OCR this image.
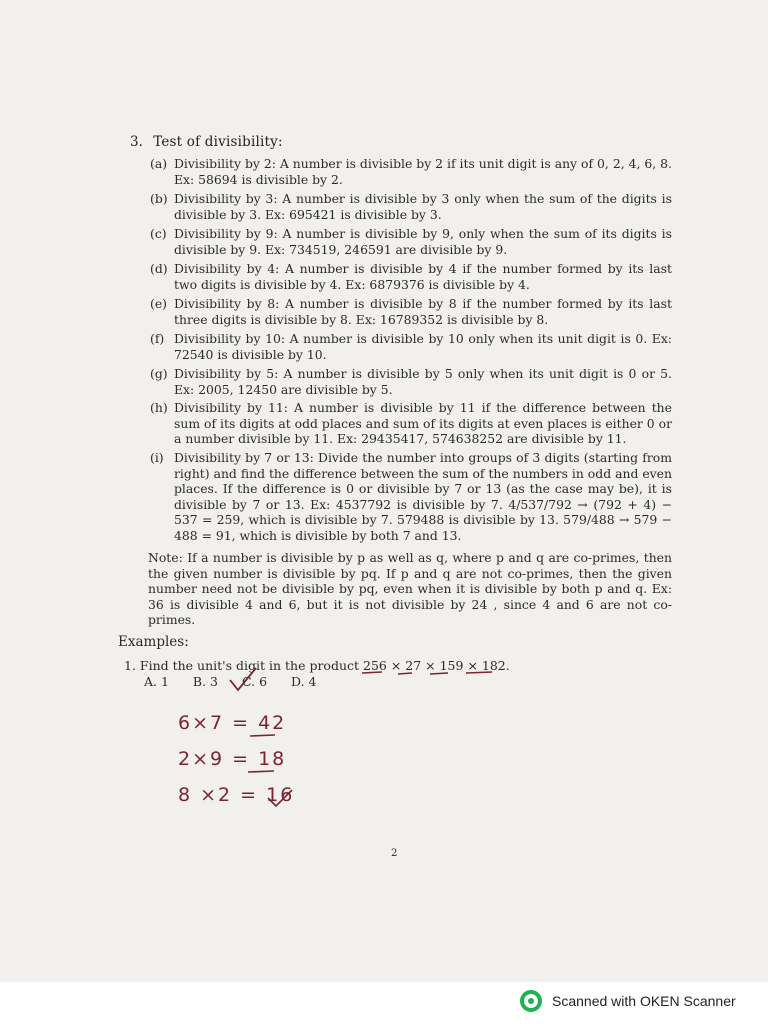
3. Test of divisibility:
(a) Divisibility by 2: A number is divisible by 2 if its unit digit is any of 0, 2, 4, 6, 8. Ex: 58694 is divisible by 2.
(b) Divisibility by 3: A number is divisible by 3 only when the sum of the digits is divisible by 3. Ex: 695421 is divisible by 3.
(c) Divisibility by 9: A number is divisible by 9, only when the sum of its digits is divisible by 9. Ex: 734519, 246591 are divisible by 9.
(d) Divisibility by 4: A number is divisible by 4 if the number formed by its last two digits is divisible by 4. Ex: 6879376 is divisible by 4.
(e) Divisibility by 8: A number is divisible by 8 if the number formed by its last three digits is divisible by 8. Ex: 16789352 is divisible by 8.
(f) Divisibility by 10: A number is divisible by 10 only when its unit digit is 0. Ex: 72540 is divisible by 10.
(g) Divisibility by 5: A number is divisible by 5 only when its unit digit is 0 or 5. Ex: 2005, 12450 are divisible by 5.
(h) Divisibility by 11: A number is divisible by 11 if the difference between the sum of its digits at odd places and sum of its digits at even places is either 0 or a number divisible by 11. Ex: 29435417, 574638252 are divisible by 11.
(i) Divisibility by 7 or 13: Divide the number into groups of 3 digits (starting from right) and find the difference between the sum of the numbers in odd and even places. If the difference is 0 or divisible by 7 or 13 (as the case may be), it is divisible by 7 or 13. Ex: 4537792 is divisible by 7. 4/537/792 → (792 + 4) − 537 = 259, which is divisible by 7. 579488 is divisible by 13. 579/488 → 579 − 488 = 91, which is divisible by both 7 and 13.
Note: If a number is divisible by p as well as q, where p and q are co-primes, then the given number is divisible by pq. If p and q are not co-primes, then the given number need not be divisible by pq, even when it is divisible by both p and q. Ex: 36 is divisible 4 and 6, but it is not divisible by 24 , since 4 and 6 are not co-primes.
Examples:
1. Find the unit's digit in the product 256 × 27 × 159 × 182.
A. 1 B. 3 C. 6 D. 4
6×7 = 42
2×9 = 18
8 ×2 = 16
2
Scanned with OKEN Scanner
